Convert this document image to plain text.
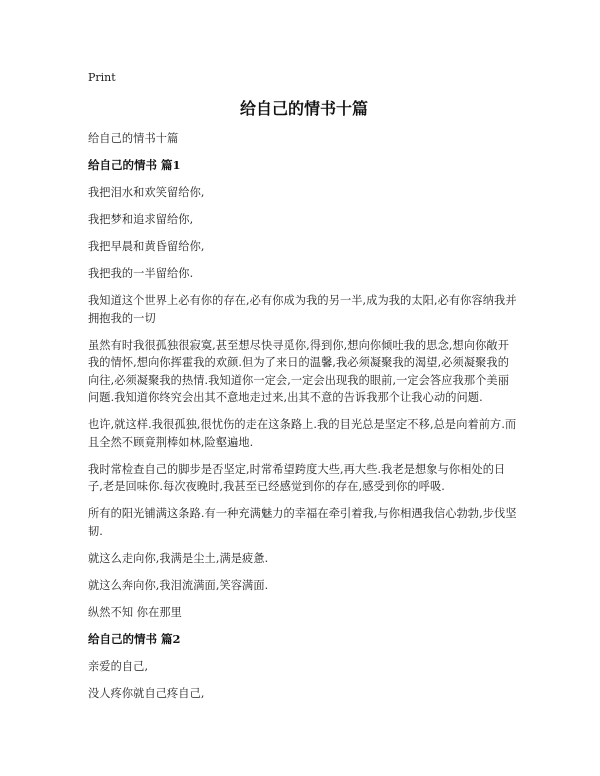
Print
给自己的情书十篇

给自己的情书十篇

给自己的情书 篇1

我把泪水和欢笑留给你,

我把梦和追求留给你,

我把早晨和黄昏留给你,

我把我的一半留给你.

我知道这个世界上必有你的存在,必有你成为我的另一半,成为我的太阳,必有你容纳我并拥抱我的一切

虽然有时我很孤独很寂寞,甚至想尽快寻觅你,得到你,想向你倾吐我的思念,想向你敞开我的情怀,想向你挥霍我的欢颜.但为了来日的温馨,我必须凝聚我的渴望,必须凝聚我的向往,必须凝聚我的热情.我知道你一定会,一定会出现我的眼前,一定会答应我那个美丽问题.我知道你终究会出其不意地走过来,出其不意的告诉我那个让我心动的问题.

也许,就这样.我很孤独,很忧伤的走在这条路上.我的目光总是坚定不移,总是向着前方.而且全然不顾竟荆棒如林,险壑遍地.

我时常检查自己的脚步是否坚定,时常希望跨度大些,再大些.我老是想象与你相处的日子,老是回味你.每次夜晚时,我甚至已经感觉到你的存在,感受到你的呼吸.

所有的阳光铺满这条路.有一种充满魅力的幸福在牵引着我,与你相遇我信心勃勃,步伐坚韧.

就这么走向你,我满是尘土,满是疲惫.

就这么奔向你,我泪流满面,笑容满面.

纵然不知 你在那里

给自己的情书 篇2

亲爱的自己,

没人疼你就自己疼自己,
